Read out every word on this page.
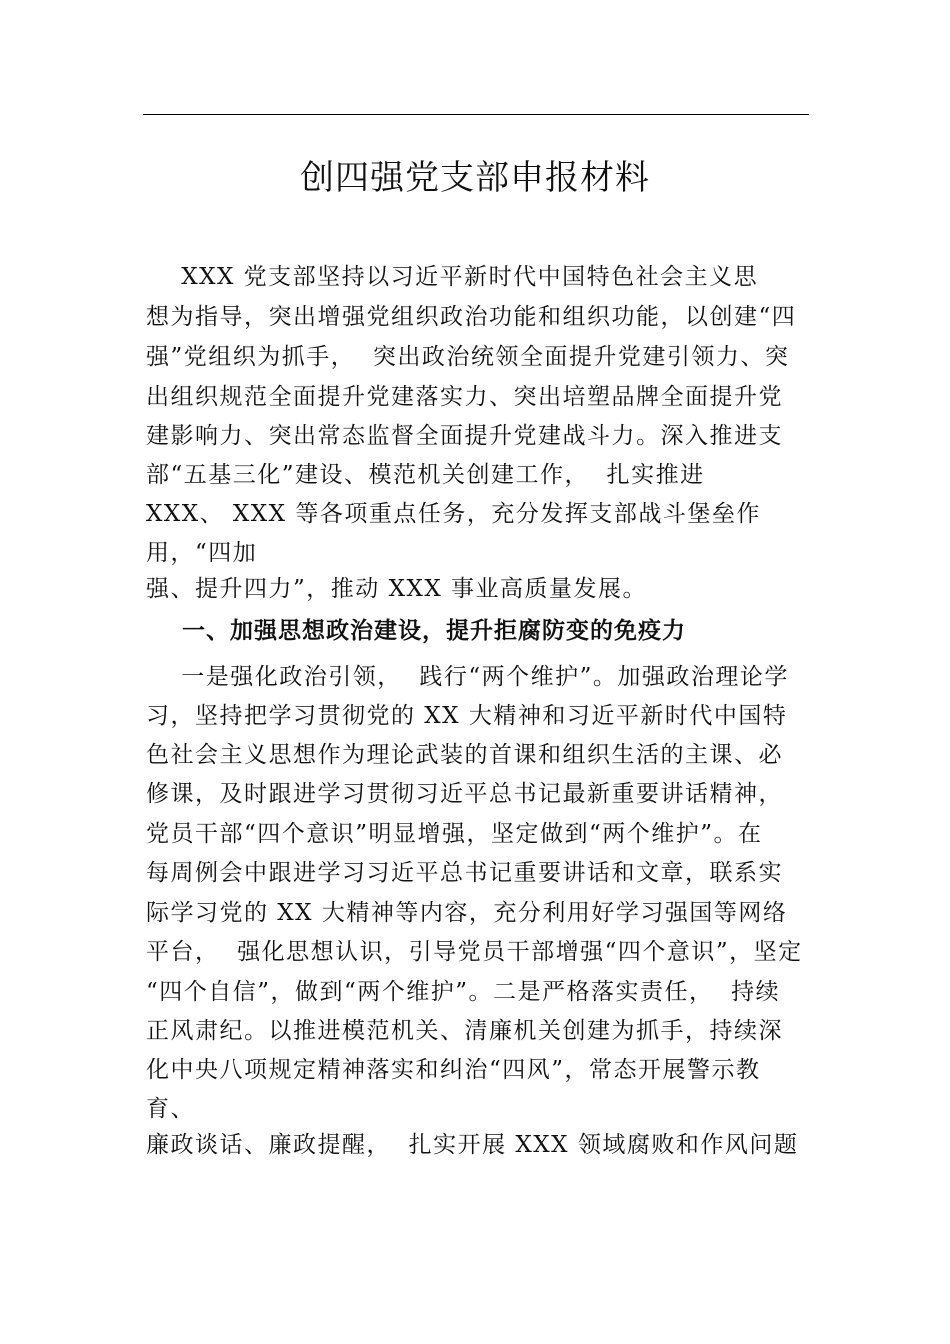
创四强党支部申报材料
XXX 党支部坚持以习近平新时代中国特色社会主义思
想为指导，突出增强党组织政治功能和组织功能，以创建“四
强”党组织为抓手，  突出政治统领全面提升党建引领力、突
出组织规范全面提升党建落实力、突出培塑品牌全面提升党
建影响力、突出常态监督全面提升党建战斗力。深入推进支
部“五基三化”建设、模范机关创建工作，  扎实推进
XXX、 XXX 等各项重点任务，充分发挥支部战斗堡垒作
用，“四加
强、提升四力”，推动 XXX 事业高质量发展。
一、加强思想政治建设，提升拒腐防变的免疫力
一是强化政治引领，  践行“两个维护”。加强政治理论学
习，坚持把学习贯彻党的 XX 大精神和习近平新时代中国特
色社会主义思想作为理论武装的首课和组织生活的主课、必
修课，及时跟进学习贯彻习近平总书记最新重要讲话精神，
党员干部“四个意识”明显增强，坚定做到“两个维护”。在
每周例会中跟进学习习近平总书记重要讲话和文章，联系实
际学习党的 XX 大精神等内容，充分利用好学习强国等网络
平台，  强化思想认识，引导党员干部增强“四个意识”，坚定
“四个自信”，做到“两个维护”。二是严格落实责任，  持续
正风肃纪。以推进模范机关、清廉机关创建为抓手，持续深
化中央八项规定精神落实和纠治“四风”，常态开展警示教
育、
廉政谈话、廉政提醒，  扎实开展 XXX 领域腐败和作风问题
